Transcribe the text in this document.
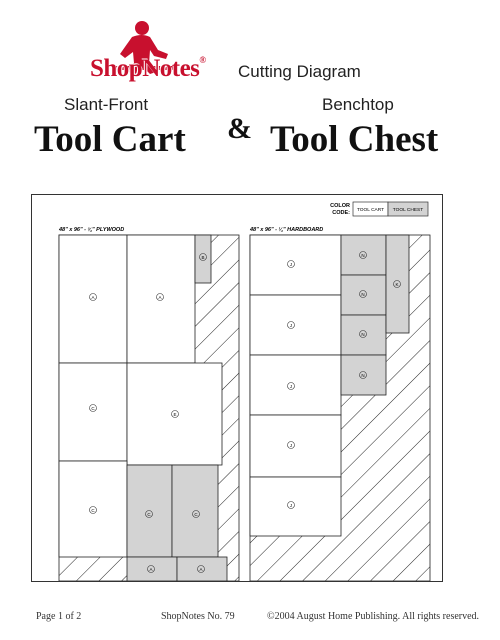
ShopNotes®
Cutting Diagram
Slant-Front
Tool Cart &
Benchtop
Tool Chest
COLOR
CODE: TOOL CART TOOL CHEST
48" x 96" - ¾" PLYWOOD
A	A
B
C
E
C
C	C
A	A
48" x 96" - ¼" HARDBOARD
J
J
J
J
J
N
N
N
N
K
Page 1 of 2	ShopNotes No. 79	©2004 August Home Publishing. All rights reserved.
